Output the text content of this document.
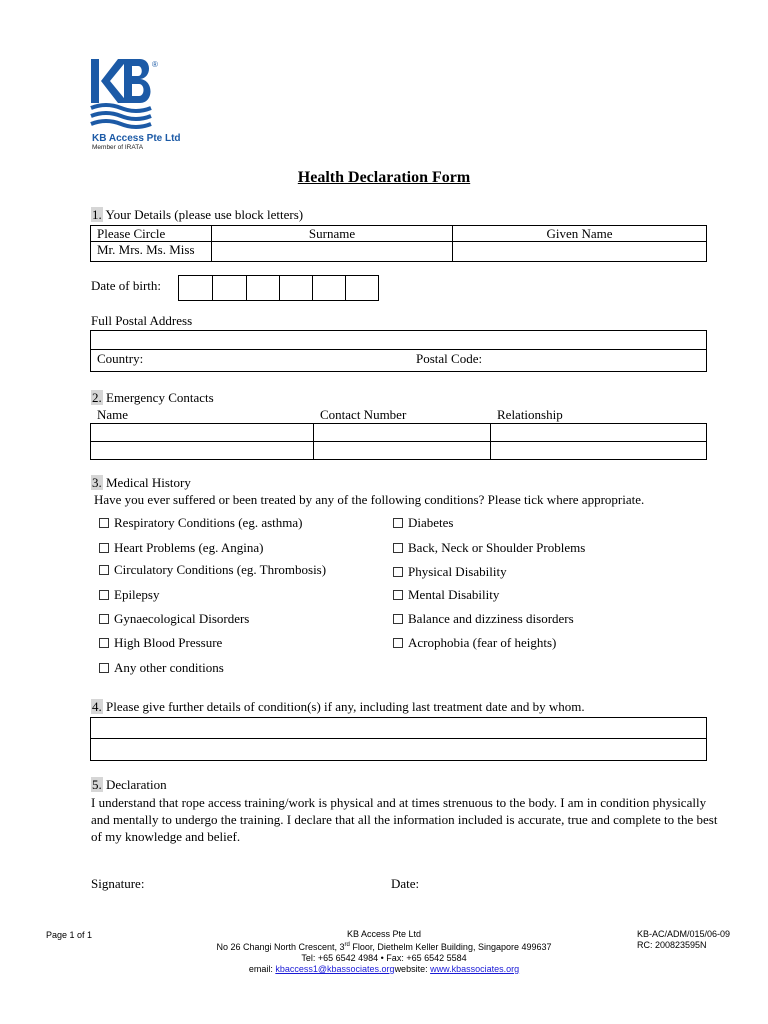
®
KB Access Pte Ltd
Member of IRATA
Health Declaration Form
1. Your Details (please use block letters)
Please Circle	Surname	Given Name
Mr. Mrs. Ms. Miss		
Date of birth:
Full Postal Address
Country:	Postal Code:
2. Emergency Contacts
Name	Contact Number	Relationship
3. Medical History
Have you ever suffered or been treated by any of the following conditions? Please tick where appropriate.
Respiratory Conditions (eg. asthma)
Heart Problems (eg. Angina)
Circulatory Conditions (eg. Thrombosis)
Epilepsy
Gynaecological Disorders
High Blood Pressure
Any other conditions
Diabetes
Back, Neck or Shoulder Problems
Physical Disability
Mental Disability
Balance and dizziness disorders
Acrophobia (fear of heights)
4. Please give further details of condition(s) if any, including last treatment date and by whom.
5. Declaration
I understand that rope access training/work is physical and at times strenuous to the body. I am in condition physically and mentally to undergo the training. I declare that all the information included is accurate, true and complete to the best of my knowledge and belief.
Signature:	Date:
Page 1 of 1	KB Access Pte Ltd
No 26 Changi North Crescent, 3rd Floor, Diethelm Keller Building, Singapore 499637
Tel: +65 6542 4984 • Fax: +65 6542 5584
email: kbaccess1@kbassociates.orgwebsite: www.kbassociates.org
KB-AC/ADM/015/06-09
RC: 200823595N
